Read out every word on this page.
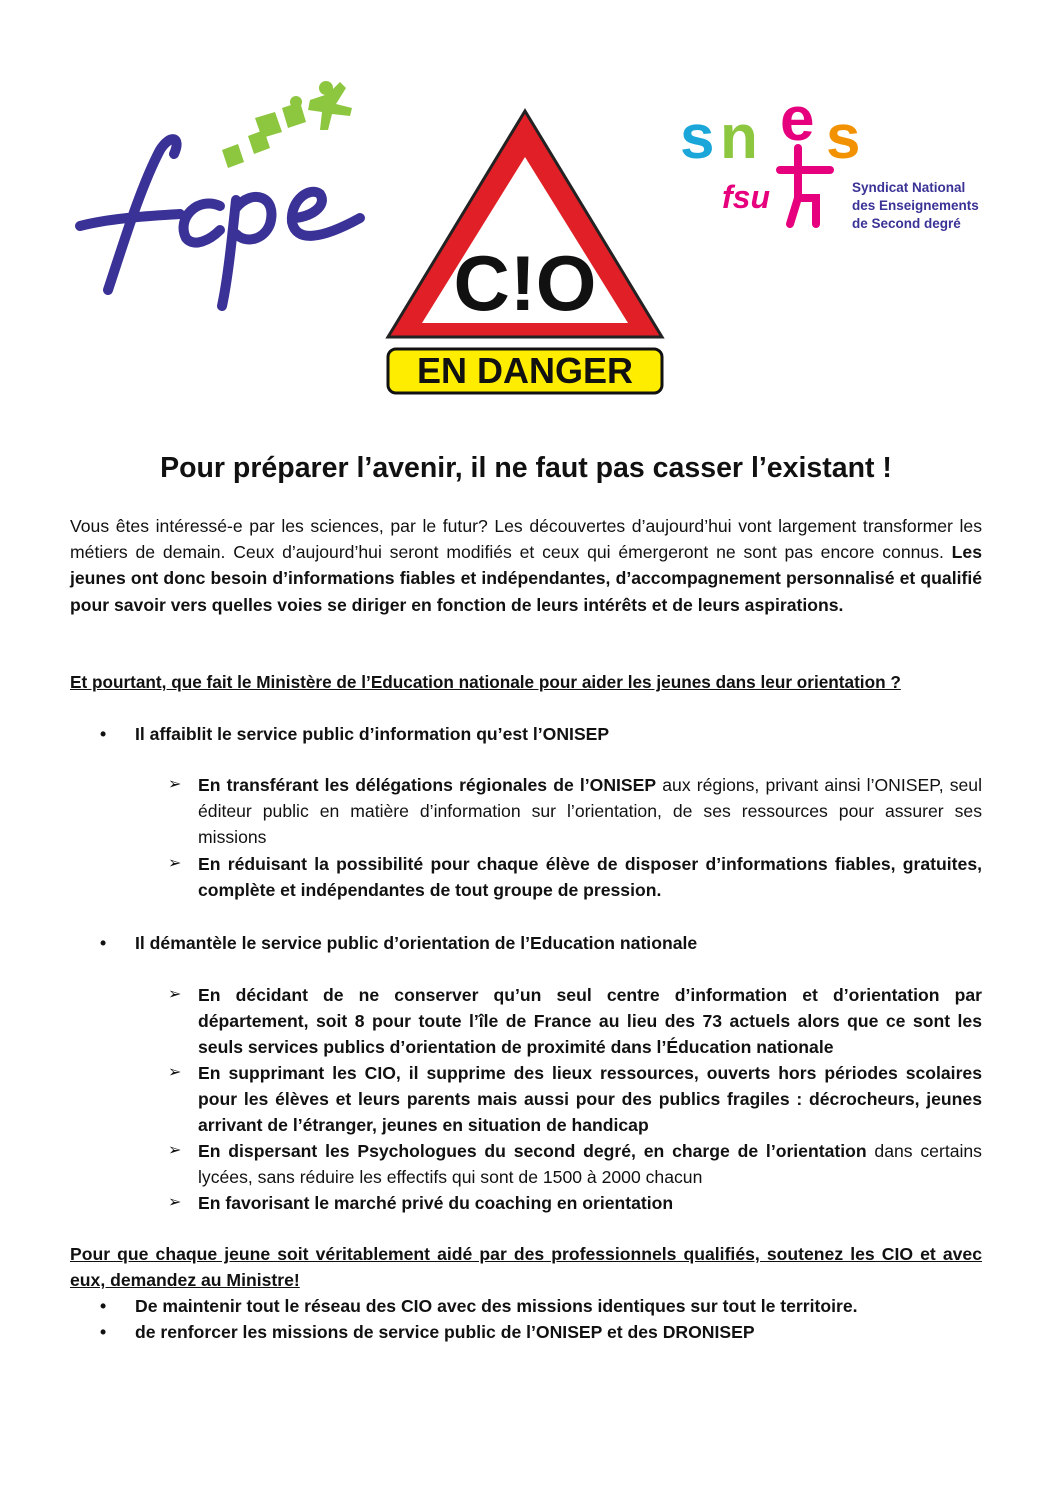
C!O
EN DANGER
s n e s
fsu	Syndicat National
des Enseignements
de Second degré
Pour préparer l’avenir, il ne faut pas casser l’existant !
Vous êtes intéressé-e par les sciences, par le futur? Les découvertes d’aujourd’hui vont largement transformer les métiers de demain. Ceux d’aujourd’hui seront modifiés et ceux qui émergeront ne sont pas encore connus. Les jeunes ont donc besoin d’informations fiables et indépendantes, d’accompagnement personnalisé et qualifié pour savoir vers quelles voies se diriger en fonction de leurs intérêts et de leurs aspirations.
Et pourtant, que fait le Ministère de l’Education nationale pour aider les jeunes dans leur orientation ?
• Il affaiblit le service public d’information qu’est l’ONISEP
➢ En transférant les délégations régionales de l’ONISEP aux régions, privant ainsi l’ONISEP, seul éditeur public en matière d’information sur l’orientation, de ses ressources pour assurer ses missions
➢ En réduisant la possibilité pour chaque élève de disposer d’informations fiables, gratuites, complète et indépendantes de tout groupe de pression.
• Il démantèle le service public d’orientation de l’Education nationale
➢ En décidant de ne conserver qu’un seul centre d’information et d’orientation par département, soit 8 pour toute l’île de France au lieu des 73 actuels alors que ce sont les seuls services publics d’orientation de proximité dans l’Éducation nationale
➢ En supprimant les CIO, il supprime des lieux ressources, ouverts hors périodes scolaires pour les élèves et leurs parents mais aussi pour des publics fragiles : décrocheurs, jeunes arrivant de l’étranger, jeunes en situation de handicap
➢ En dispersant les Psychologues du second degré, en charge de l’orientation dans certains lycées, sans réduire les effectifs qui sont de 1500 à 2000 chacun
➢ En favorisant le marché privé du coaching en orientation
Pour que chaque jeune soit véritablement aidé par des professionnels qualifiés, soutenez les CIO et avec eux, demandez au Ministre!
• De maintenir tout le réseau des CIO avec des missions identiques sur tout le territoire.
• de renforcer les missions de service public de l’ONISEP et des DRONISEP
